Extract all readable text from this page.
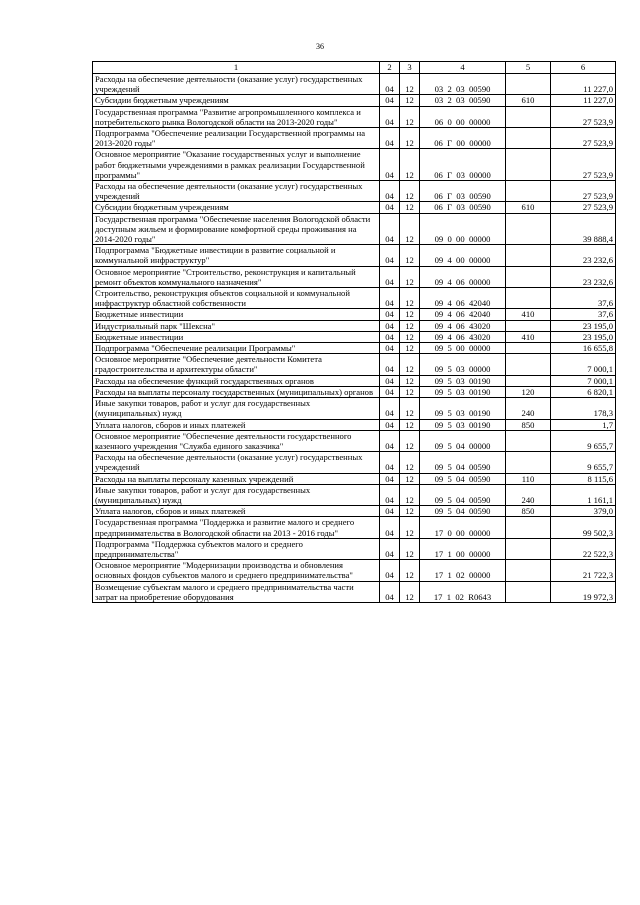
36
1	2	3	4	5	6
Расходы на обеспечение деятельности (оказание услуг) государственных учреждений	04	12	03  2  03  00590		11 227,0
Субсидии бюджетным учреждениям	04	12	03  2  03  00590	610	11 227,0
Государственная программа "Развитие агропромышленного комплекса и потребительского рынка Вологодской области на 2013-2020 годы"	04	12	06  0  00  00000		27 523,9
Подпрограмма "Обеспечение реализации Государственной программы на 2013-2020 годы"	04	12	06  Г  00  00000		27 523,9
Основное мероприятие "Оказание государственных услуг и выполнение работ бюджетными учреждениями в рамках реализации Государственной программы"	04	12	06  Г  03  00000		27 523,9
Расходы на обеспечение деятельности (оказание услуг) государственных учреждений	04	12	06  Г  03  00590		27 523,9
Субсидии бюджетным учреждениям	04	12	06  Г  03  00590	610	27 523,9
Государственная программа "Обеспечение населения Вологодской области доступным жильем и формирование комфортной среды проживания на 2014-2020 годы"	04	12	09  0  00  00000		39 888,4
Подпрограмма "Бюджетные инвестиции в развитие социальной и коммунальной инфраструктур"	04	12	09  4  00  00000		23 232,6
Основное мероприятие "Строительство, реконструкция и капитальный ремонт объектов коммунального назначения"	04	12	09  4  06  00000		23 232,6
Строительство, реконструкция объектов социальной и коммунальной инфраструктур областной собственности	04	12	09  4  06  42040		37,6
Бюджетные инвестиции	04	12	09  4  06  42040	410	37,6
Индустриальный парк "Шексна"	04	12	09  4  06  43020		23 195,0
Бюджетные инвестиции	04	12	09  4  06  43020	410	23 195,0
Подпрограмма "Обеспечение реализации Программы"	04	12	09  5  00  00000		16 655,8
Основное мероприятие "Обеспечение деятельности Комитета градостроительства и архитектуры области"	04	12	09  5  03  00000		7 000,1
Расходы на обеспечение функций государственных органов	04	12	09  5  03  00190		7 000,1
Расходы на выплаты персоналу государственных (муниципальных) органов	04	12	09  5  03  00190	120	6 820,1
Иные закупки товаров, работ и услуг для государственных (муниципальных) нужд	04	12	09  5  03  00190	240	178,3
Уплата налогов, сборов и иных платежей	04	12	09  5  03  00190	850	1,7
Основное мероприятие "Обеспечение деятельности государственного казенного учреждения "Служба единого заказчика"	04	12	09  5  04  00000		9 655,7
Расходы на обеспечение деятельности (оказание услуг) государственных учреждений	04	12	09  5  04  00590		9 655,7
Расходы на выплаты персоналу казенных учреждений	04	12	09  5  04  00590	110	8 115,6
Иные закупки товаров, работ и услуг для государственных (муниципальных) нужд	04	12	09  5  04  00590	240	1 161,1
Уплата налогов, сборов и иных платежей	04	12	09  5  04  00590	850	379,0
Государственная программа "Поддержка и развитие малого и среднего предпринимательства в Вологодской области на 2013 - 2016 годы"	04	12	17  0  00  00000		99 502,3
Подпрограмма "Поддержка субъектов малого и среднего предпринимательства"	04	12	17  1  00  00000		22 522,3
Основное мероприятие "Модернизации производства и обновления основных фондов субъектов малого и среднего предпринимательства"	04	12	17  1  02  00000		21 722,3
Возмещение субъектам малого и среднего предпринимательства части затрат на приобретение оборудования	04	12	17  1  02  R0643		19 972,3
